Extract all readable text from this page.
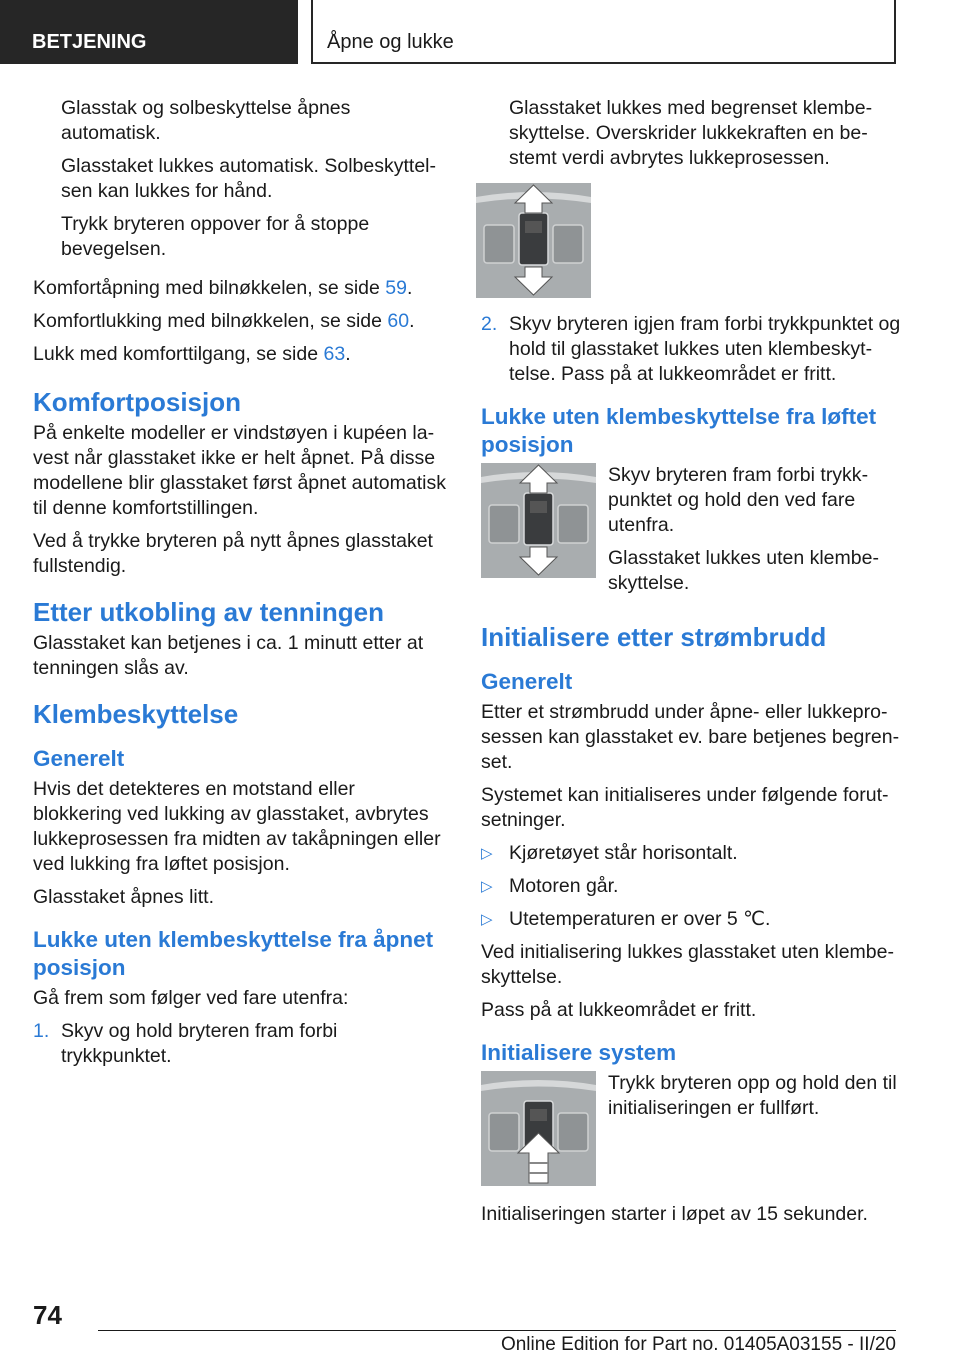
BETJENING	Åpne og lukke

Glasstak og solbeskyttelse åpnes automatisk.

Glasstaket lukkes automatisk. Solbeskyttelsen kan lukkes for hånd.

Trykk bryteren oppover for å stoppe bevegelsen.

Komfortåpning med bilnøkkelen, se side 59.

Komfortlukking med bilnøkkelen, se side 60.

Lukk med komforttilgang, se side 63.

Komfortposisjon

På enkelte modeller er vindstøyen i kupéen lavest når glasstaket ikke er helt åpnet. På disse modellene blir glasstaket først åpnet automatisk til denne komfortstillingen.

Ved å trykke bryteren på nytt åpnes glasstaket fullstendig.

Etter utkobling av tenningen

Glasstaket kan betjenes i ca. 1 minutt etter at tenningen slås av.

Klembeskyttelse
Generelt

Hvis det detekteres en motstand eller blokkering ved lukking av glasstaket, avbrytes lukkeprosessen fra midten av takåpningen eller ved lukking fra løftet posisjon.

Glasstaket åpnes litt.

Lukke uten klembeskyttelse fra åpnet posisjon

Gå frem som følger ved fare utenfra:

1. Skyv og hold bryteren fram forbi trykkpunktet.

Glasstaket lukkes med begrenset klembeskyttelse. Overskrider lukkekraften en bestemt verdi avbrytes lukkeprosessen.

2. Skyv bryteren igjen fram forbi trykkpunktet og hold til glasstaket lukkes uten klembeskyttelse. Pass på at lukkeområdet er fritt.
Lukke uten klembeskyttelse fra løftet posisjon

Skyv bryteren fram forbi trykkpunktet og hold den ved fare utenfra.

Glasstaket lukkes uten klembeskyttelse.

Initialisere etter strømbrudd
Generelt

Etter et strømbrudd under åpne- eller lukkeprosessen kan glasstaket ev. bare betjenes begrenset.

Systemet kan initialiseres under følgende forutsetninger.

▷ Kjøretøyet står horisontalt.
▷ Motoren går.
▷ Utetemperaturen er over 5 ℃.

Ved initialisering lukkes glasstaket uten klembeskyttelse.

Pass på at lukkeområdet er fritt.

Initialisere system

Trykk bryteren opp og hold den til initialiseringen er fullført.

Initialiseringen starter i løpet av 15 sekunder.

74
Online Edition for Part no. 01405A03155 - II/20
